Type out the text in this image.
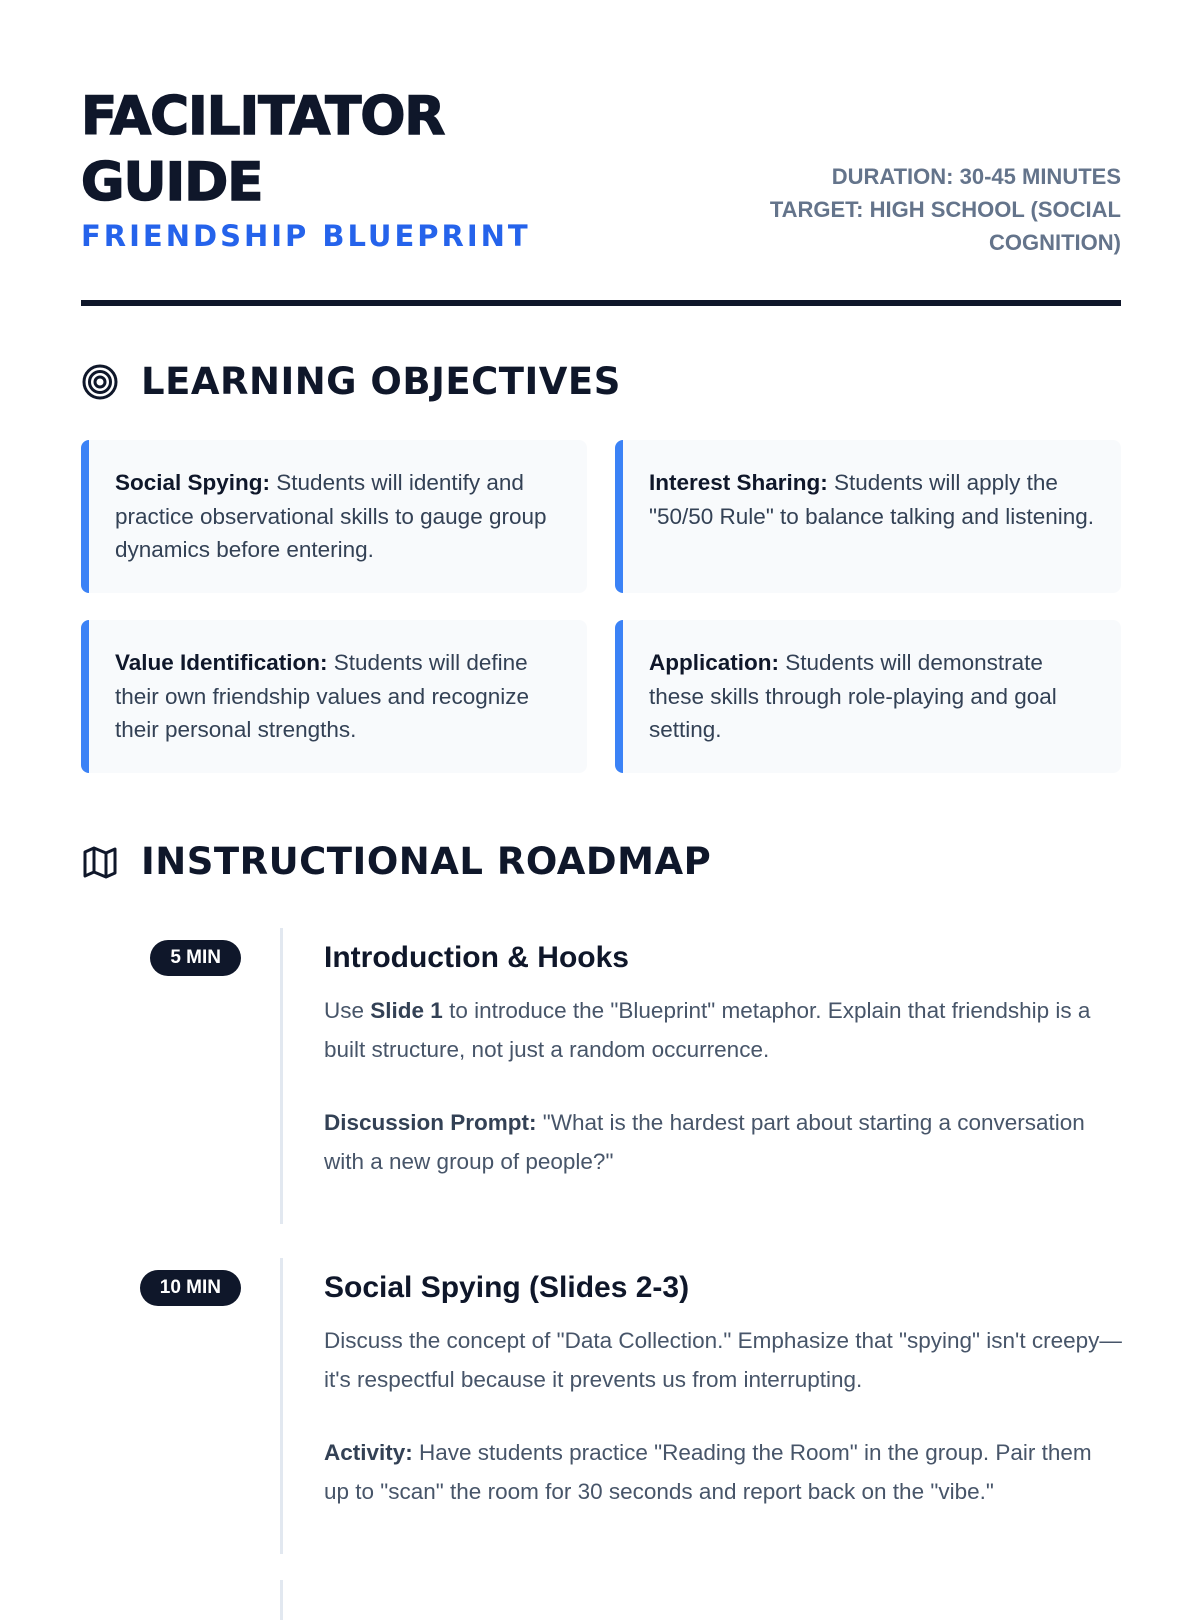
FACILITATOR
GUIDE
FRIENDSHIP BLUEPRINT
DURATION: 30-45 MINUTES
TARGET: HIGH SCHOOL (SOCIAL
COGNITION)
LEARNING OBJECTIVES
Social Spying: Students will identify and practice observational skills to gauge group dynamics before entering.
Interest Sharing: Students will apply the "50/50 Rule" to balance talking and listening.
Value Identification: Students will define their own friendship values and recognize their personal strengths.
Application: Students will demonstrate these skills through role-playing and goal setting.
INSTRUCTIONAL ROADMAP
5 MIN	Introduction & Hooks

Use Slide 1 to introduce the "Blueprint" metaphor. Explain that friendship is a built structure, not just a random occurrence.

Discussion Prompt: "What is the hardest part about starting a conversation with a new group of people?"

10 MIN	Social Spying (Slides 2-3)

Discuss the concept of "Data Collection." Emphasize that "spying" isn't creepy—it's respectful because it prevents us from interrupting.

Activity: Have students practice "Reading the Room" in the group. Pair them up to "scan" the room for 30 seconds and report back on the "vibe."
